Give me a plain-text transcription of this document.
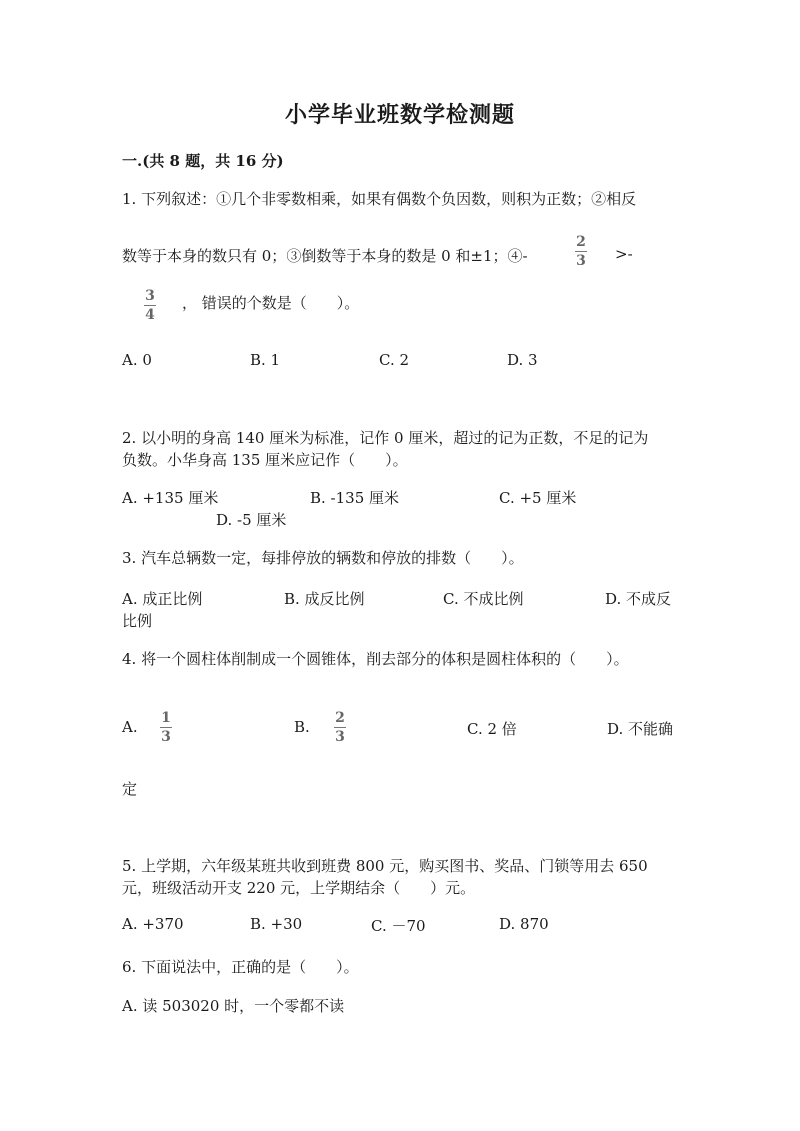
小学毕业班数学检测题
一.(共 8 题，共 16 分)
1. 下列叙述：①几个非零数相乘，如果有偶数个负因数，则积为正数；②相反
数等于本身的数只有 0；③倒数等于本身的数是 0 和±1；④-
2
3 >-
3
4
， 错误的个数是（　　）。
A. 0	B. 1	C. 2	D. 3
2. 以小明的身高 140 厘米为标准，记作 0 厘米，超过的记为正数，不足的记为
负数。小华身高 135 厘米应记作（　　）。
A. +135 厘米	B. -135 厘米	C. +5 厘米
D. -5 厘米
3. 汽车总辆数一定，每排停放的辆数和停放的排数（　　）。
A. 成正比例	B. 成反比例	C. 不成比例	D. 不成反
比例
4. 将一个圆柱体削制成一个圆锥体，削去部分的体积是圆柱体积的（　　）。
A. 1
3
B. 2
3	C. 2 倍	D. 不能确
定
5. 上学期，六年级某班共收到班费 800 元，购买图书、奖品、门锁等用去 650
元，班级活动开支 220 元，上学期结余（　　）元。
A. +370	B. +30	C. －70	D. 870
6. 下面说法中，正确的是（　　）。
A. 读 503020 时，一个零都不读
